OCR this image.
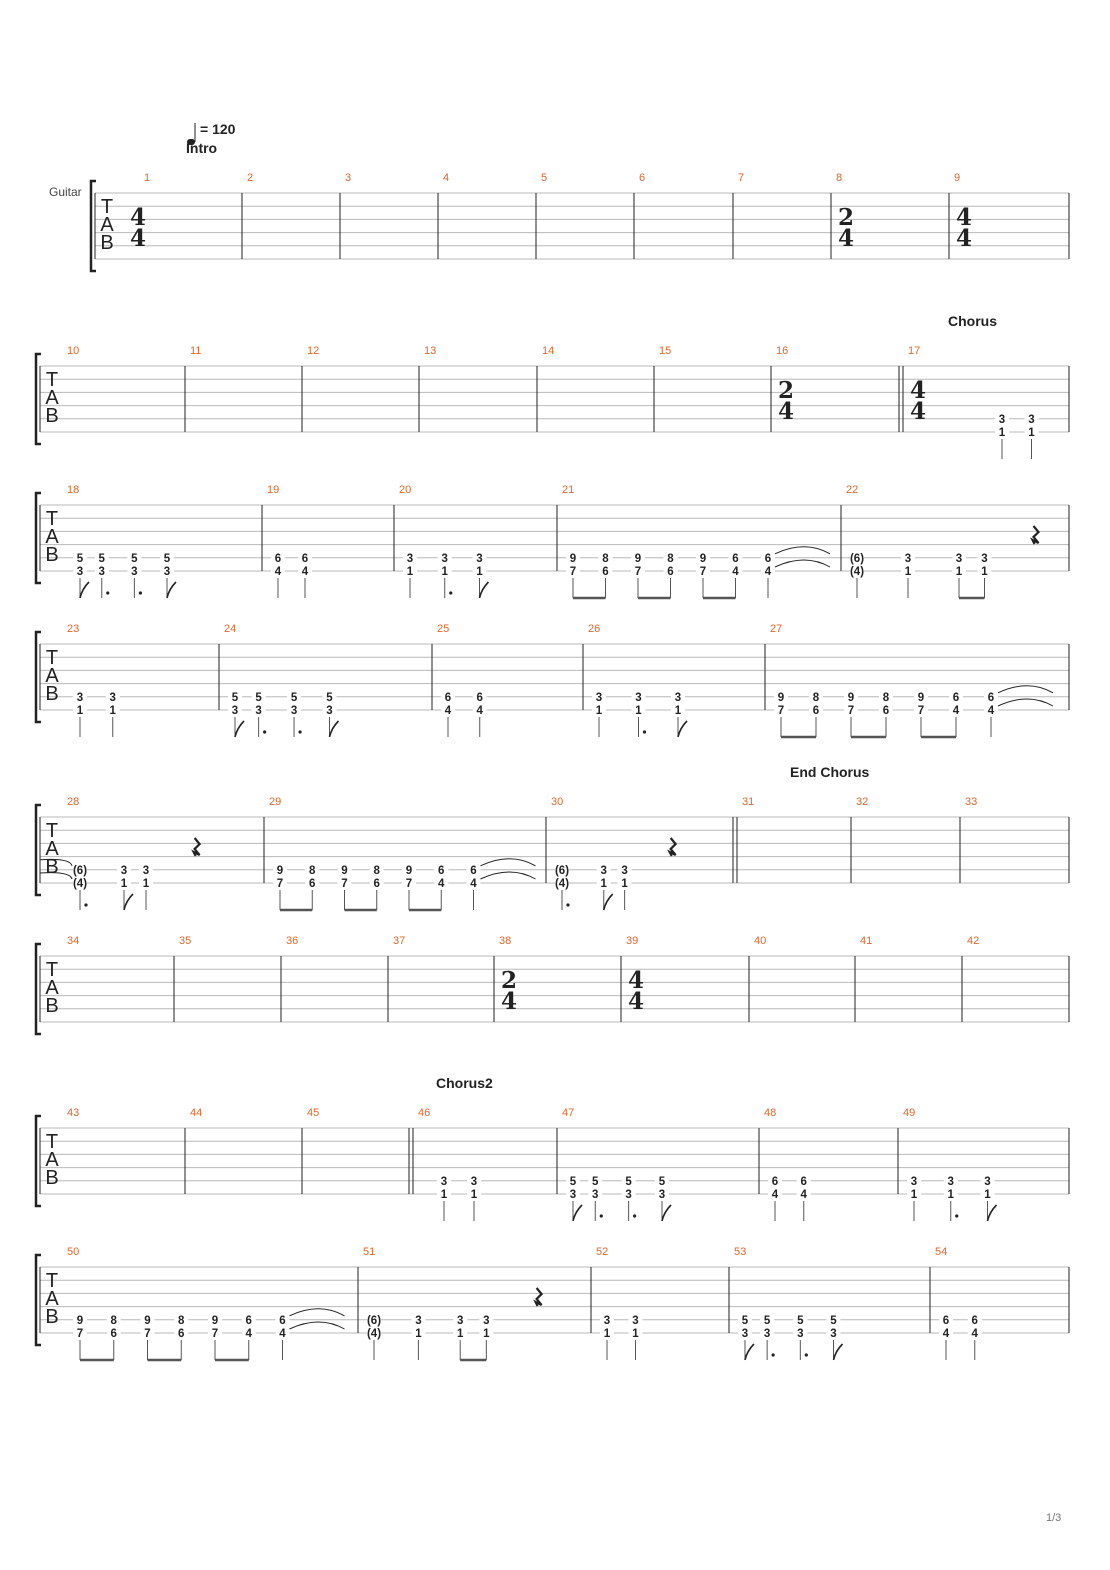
= 120
Guitar
T
A
B
Intro
1
4
4
2	3	4	5	6	7	8
2
4
9
4
4
T
A
B
Chorus
10	11	12	13	14	15	16
2
4
17
4
4	3
1
3
1
T
A
B
18
5
3
5
3
5
3
5
3
19
6
4
6
4
20
3
1
3
1
3
1
21
9
7
8
6
9
7
8
6
9
7
6
4
6
4
22
(6)
(4)
3
1
3
1
3
1
T
A
B
23
3
1
3
1
24
5
3
5
3
5
3
5
3
25
6
4
6
4
26
3
1
3
1
3
1
27
9
7
8
6
9
7
8
6
9
7
6
4
6
4
T
A
B
End Chorus
28
(6)
(4)
3
1
3
1
29
9
7
8
6
9
7
8
6
9
7
6
4
6
4
30
(6)
(4)
3
1
3
1
31	32	33
T
A
B
34	35	36	37	38
2
4
39
4
4
40	41	42
T
A
B
Chorus2
43	44	45	46
3
1
3
1
47
5
3
5
3
5
3
5
3
48
6
4
6
4
49
3
1
3
1
3
1
T
A
B
50
9
7
8
6
9
7
8
6
9
7
6
4
6
4
51
(6)
(4)
3
1
3
1
3
1
52
3
1
3
1
53
5
3
5
3
5
3
5
3
54
6
4
6
4
1/3
